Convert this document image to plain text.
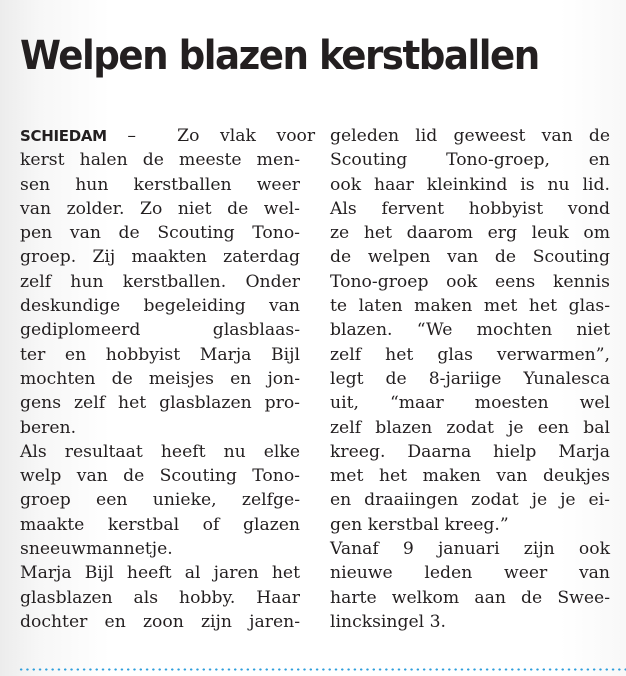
Welpen blazen kerstballen
SCHIEDAM –  Zo vlak voor
kerst halen de meeste men-
sen hun kerstballen weer
van zolder. Zo niet de wel-
pen van de Scouting Tono-
groep. Zij maakten zaterdag
zelf hun kerstballen. Onder
deskundige begeleiding van
gediplomeerd glasblaas-
ter en hobbyist Marja Bijl
mochten de meisjes en jon-
gens zelf het glasblazen pro-
beren.
Als resultaat heeft nu elke
welp van de Scouting Tono-
groep een unieke, zelfge-
maakte kerstbal of glazen
sneeuwmannetje.
Marja Bijl heeft al jaren het
glasblazen als hobby. Haar
dochter en zoon zijn jaren-
geleden lid geweest van de
Scouting Tono-groep, en
ook haar kleinkind is nu lid.
Als fervent hobbyist vond
ze het daarom erg leuk om
de welpen van de Scouting
Tono-groep ook eens kennis
te laten maken met het glas-
blazen. “We mochten niet
zelf het glas verwarmen”,
legt de 8-jariige Yunalesca
uit, “maar moesten wel
zelf blazen zodat je een bal
kreeg. Daarna hielp Marja
met het maken van deukjes
en draaiingen zodat je je ei-
gen kerstbal kreeg.”
Vanaf 9 januari zijn ook
nieuwe leden weer van
harte welkom aan de Swee-
lincksingel 3.
